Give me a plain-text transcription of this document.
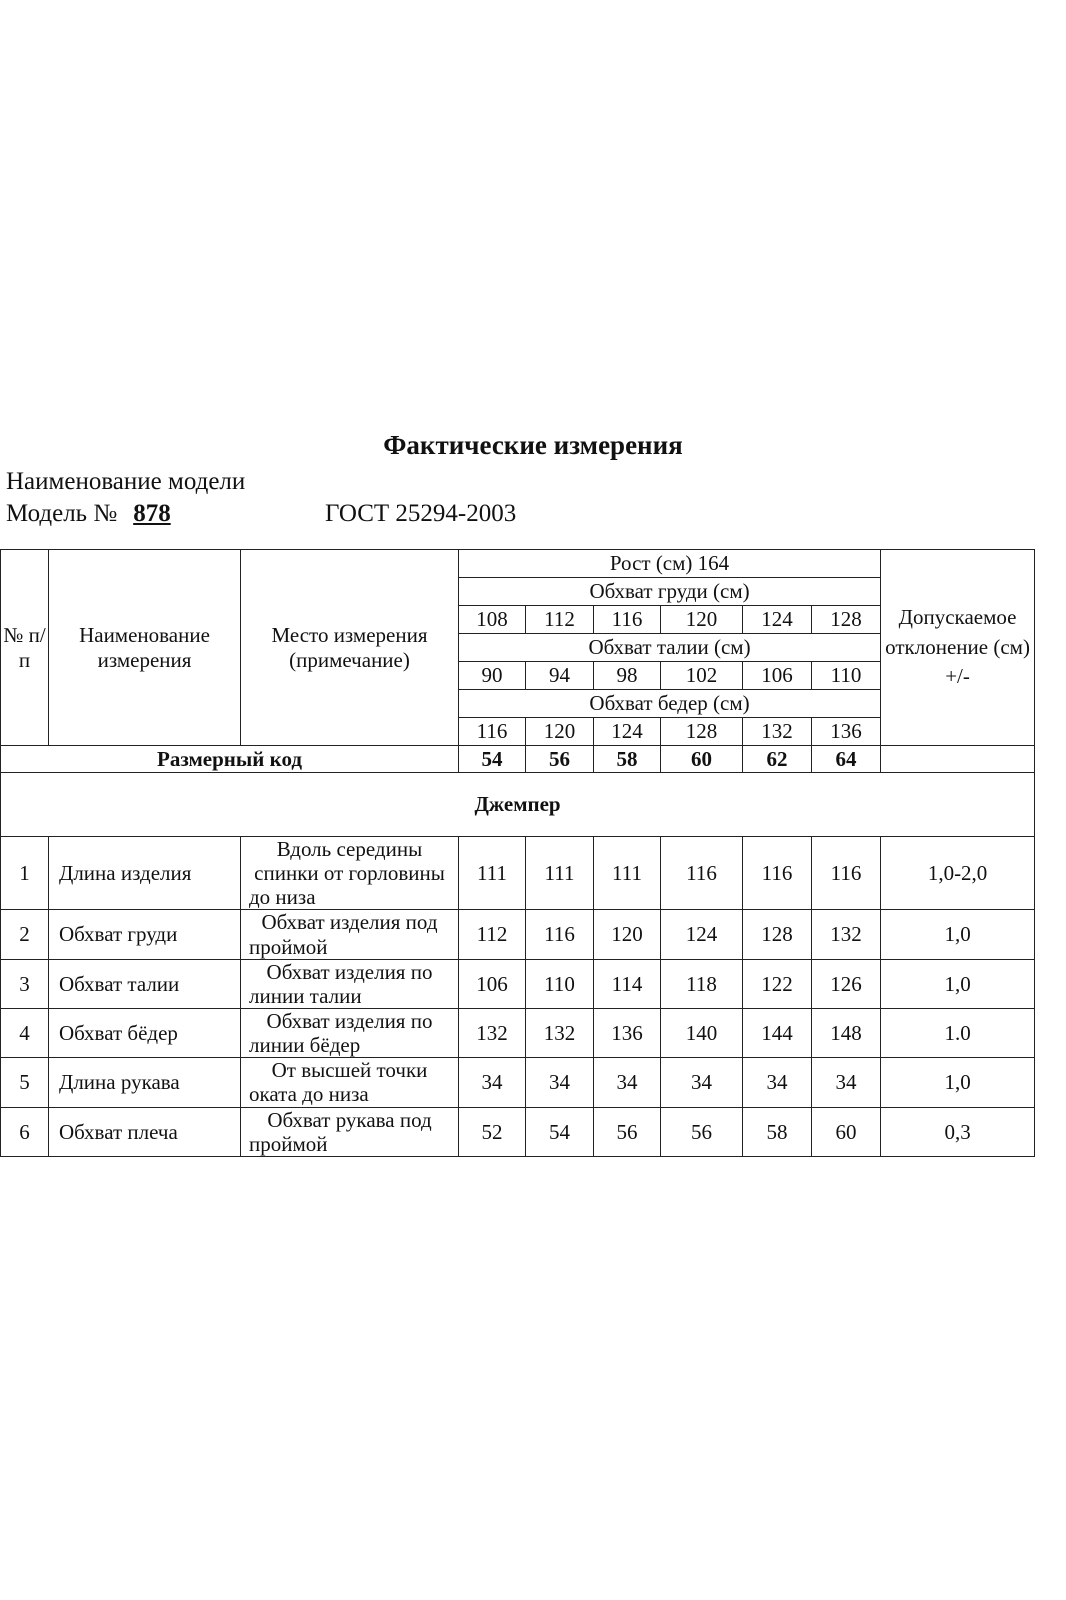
Фактические измерения
Наименование модели
Модель № 878	ГОСТ 25294-2003
№ п/п	Наименование измерения	Место измерения (примечание)	Рост (см) 164						Допускаемое отклонение (см) +/-
			Обхват груди (см)						
			108	112	116	120	124	128	
			Обхват талии (см)						
			90	94	98	102	106	110	
			Обхват бедер (см)						
			116	120	124	128	132	136	
Размерный код			54	56	58	60	62	64	
Джемпер									
1	Длина изделия	Вдоль середины спинки от горловины до низа	111	111	111	116	116	116	1,0-2,0
2	Обхват груди	Обхват изделия под проймой	112	116	120	124	128	132	1,0
3	Обхват талии	Обхват изделия по линии талии	106	110	114	118	122	126	1,0
4	Обхват бёдер	Обхват изделия по линии бёдер	132	132	136	140	144	148	1.0
5	Длина рукава	От высшей точки оката до низа	34	34	34	34	34	34	1,0
6	Обхват плеча	Обхват рукава под проймой	52	54	56	56	58	60	0,3
